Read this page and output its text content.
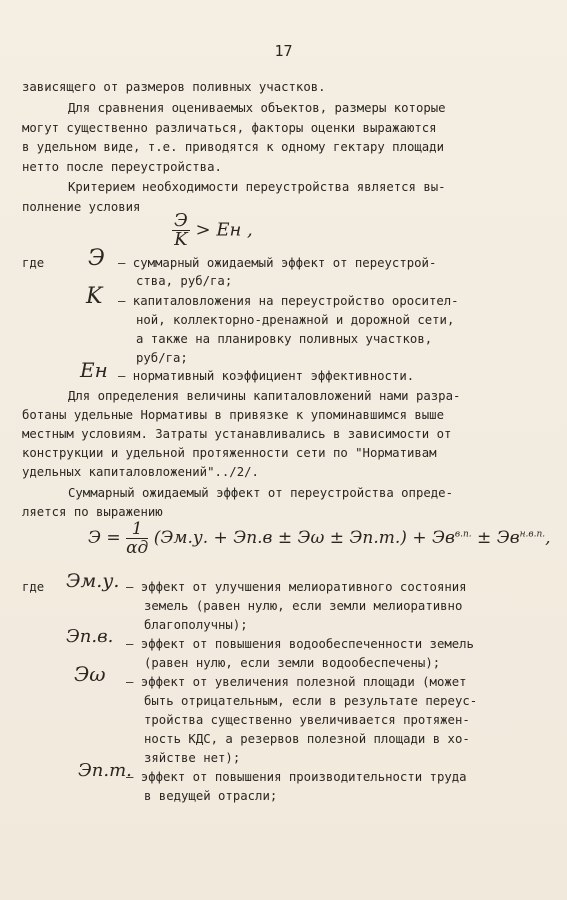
17
зависящего от размеров поливных участков.
Для сравнения оцениваемых объектов, размеры которые
могут существенно различаться, факторы оценки выражаются
в удельном виде, т.е. приводятся к одному гектару площади
нетто после переустройства.
Критерием необходимости переустройства является вы-
полнение условия
$\frac{Э}{K}$ > Eн ,
где Э – суммарный ожидаемый эффект от переустрой-
ства, руб/га;
K – капиталовложения на переустройство оросител-
ной, коллекторно-дренажной и дорожной сети,
а также на планировку поливных участков,
руб/га;
Eн – нормативный коэффициент эффективности.
Для определения величины капиталовложений нами разра-
ботаны удельные Нормативы в привязке к упоминавшимся выше
местным условиям. Затраты устанавливались в зависимости от
конструкции и удельной протяженности сети по "Нормативам
удельных капиталовложений"../2/.
Суммарный ожидаемый эффект от переустройства опреде-
ляется по выражению
$Э = \frac{1}{\alpha д} (Эм.у$. + $Эп.в \pm Э\omega \pm Эп.т.) + Эв^{в.п.} \pm Эв^{н.в.п.}$,
где Эм.у. – эффект от улучшения мелиоративного состояния
земель (равен нулю, если земли мелиоративно
благополучны);
Эп.в. – эффект от повышения водообеспеченности земель
(равен нулю, если земли водообеспечены);
Эω – эффект от увеличения полезной площади (может
быть отрицательным, если в результате переус-
тройства существенно увеличивается протяжен-
ность КДС, а резервов полезной площади в хо-
зяйстве нет);
Эп.т.
– эффект от повышения производительности труда
в ведущей отрасли;
